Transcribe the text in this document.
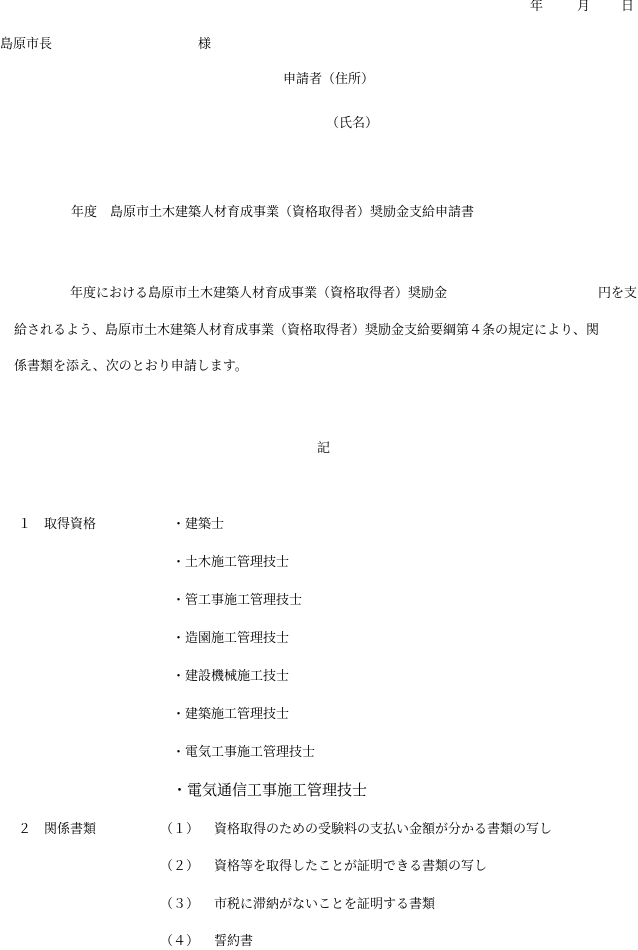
年	月 日
島原市長	様
申請者（住所）
（氏名）
年度　島原市土木建築人材育成事業（資格取得者）奨励金支給申請書
年度における島原市土木建築人材育成事業（資格取得者）奨励金	円を支
給されるよう、島原市土木建築人材育成事業（資格取得者）奨励金支給要綱第４条の規定により、関
係書類を添え、次のとおり申請します。
記
１　取得資格	・建築士
・土木施工管理技士
・管工事施工管理技士
・造園施工管理技士
・建設機械施工技士
・建築施工管理技士
・電気工事施工管理技士
・電気通信工事施工管理技士
２　関係書類	（１） 資格取得のための受験料の支払い金額が分かる書類の写し
（２） 資格等を取得したことが証明できる書類の写し
（３） 市税に滞納がないことを証明する書類
（４） 誓約書
